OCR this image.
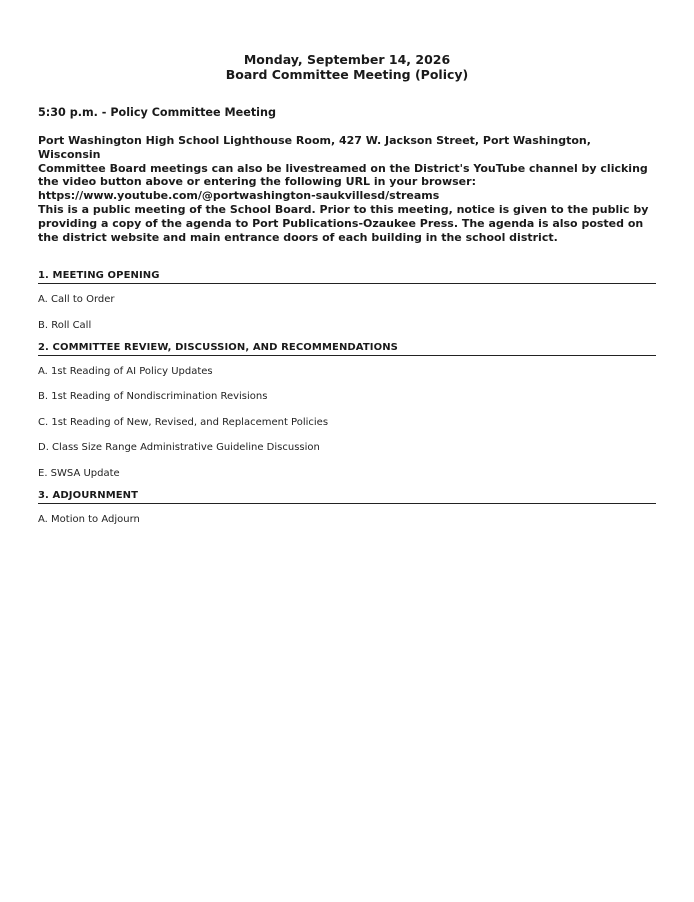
Monday, September 14, 2026
Board Committee Meeting (Policy)
5:30 p.m. - Policy Committee Meeting

Port Washington High School Lighthouse Room, 427 W. Jackson Street, Port Washington, Wisconsin

Committee Board meetings can also be livestreamed on the District's YouTube channel by clicking the video button above or entering the following URL in your browser: https://www.youtube.com/@portwashington-saukvillesd/streams

This is a public meeting of the School Board. Prior to this meeting, notice is given to the public by providing a copy of the agenda to Port Publications-Ozaukee Press. The agenda is also posted on the district website and main entrance doors of each building in the school district.

1. MEETING OPENING
A. Call to Order
B. Roll Call
2. COMMITTEE REVIEW, DISCUSSION, AND RECOMMENDATIONS
A. 1st Reading of AI Policy Updates
B. 1st Reading of Nondiscrimination Revisions
C. 1st Reading of New, Revised, and Replacement Policies
D. Class Size Range Administrative Guideline Discussion
E. SWSA Update
3. ADJOURNMENT
A. Motion to Adjourn
